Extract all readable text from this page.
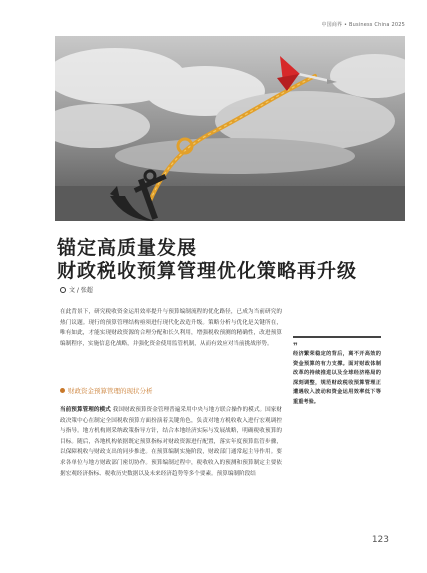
中国商界 • Business China 2025
锚定高质量发展
财政税收预算管理优化策略再升级
文 / 张超
在此背景下，研究税收资金运用效率提升与预算编制流程的优化路径，已成为当前研究的热门议题。现行的预算管理结构亟须进行现代化改造升级。策略分析与优化是关键所在，唯有如此，才能实现财政资源的合理分配和长久利用，增强税收预测的精确性，改进预算编制程序，实施信息化战略，并强化资金使用监管机制，从而有效应对当前挑战形势。
财政资金预算管理的现状分析
当前预算管理的模式 我国财政预算资金管理普遍采用中央与地方联合操作的模式。国家财政决策中心在制定全国税收预算方面扮演着关键角色，负责对地方税收收入进行宏观调控与指导。地方机构则采纳政策指导方针，结合本地经济实际与发展战略，明确税收预算的目标。随后，各地机构依据既定预算指标对财政资源进行配置，落实年度预算监管步骤，以保障税收与财政支出的同步推进。在预算编制实施阶段，财政部门通常起主导作用。要求各单位与地方财政部门密切协作。预算编制过程中，税收收入的预测和预算制定主要依据宏观经济指标、税收历史数据以及未来经济趋势等多个要素。预算编制阶段结
❞
经济繁荣稳定的背后，离不开高效的资金预算的有力支撑。面对财政体制改革的持续推进以及全球经济格局的深刻调整，规范财政税收预算管理正遭遇收入波动和资金运用效率低下等重重考验。
123
